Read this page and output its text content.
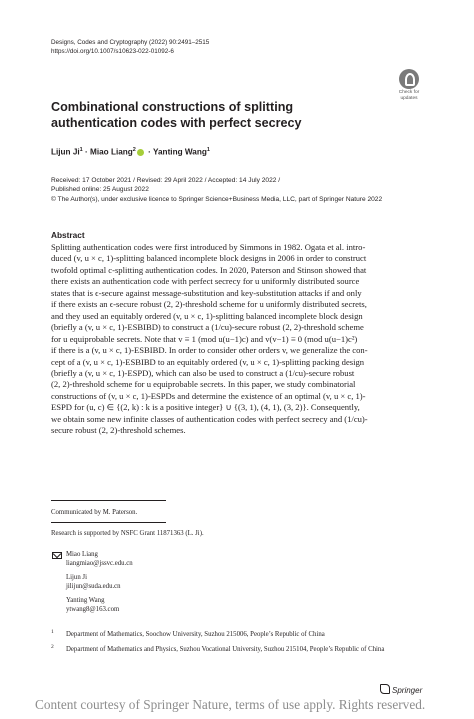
Designs, Codes and Cryptography (2022) 90:2491–2515
https://doi.org/10.1007/s10623-022-01092-6
Check for
updates
Combinational constructions of splitting authentication codes with perfect secrecy
Lijun $Ji^1$ · Miao Liang$^2$ · Yanting Wang$^1$
Received: 17 October 2021 / Revised: 29 April 2022 / Accepted: 14 July 2022 /
Published online: 25 August 2022
© The Author(s), under exclusive licence to Springer Science+Business Media, LLC, part of Springer Nature 2022
Abstract
Splitting authentication codes were first introduced by Simmons in 1982. Ogata et al. intro-
duced (v, u × c, 1)-splitting balanced incomplete block designs in 2006 in order to construct
twofold optimal c-splitting authentication codes. In 2020, Paterson and Stinson showed that
there exists an authentication code with perfect secrecy for u uniformly distributed source
states that is ϵ-secure against message-substitution and key-substitution attacks if and only
if there exists an ϵ-secure robust (2, 2)-threshold scheme for u uniformly distributed secrets,
and they used an equitably ordered (v, u × c, 1)-splitting balanced incomplete block design
(briefly a (v, u × c, 1)-ESBIBD) to construct a (1/cu)-secure robust (2, 2)-threshold scheme
for u equiprobable secrets. Note that v ≡ 1 (mod u(u−1)c) and v(v−1) ≡ 0 (mod u(u−1)c²)
if there is a (v, u × c, 1)-ESBIBD. In order to consider other orders v, we generalize the con-
cept of a (v, u × c, 1)-ESBIBD to an equitably ordered (v, u × c, 1)-splitting packing design
(briefly a (v, u × c, 1)-ESPD), which can also be used to construct a (1/cu)-secure robust
(2, 2)-threshold scheme for u equiprobable secrets. In this paper, we study combinatorial
constructions of (v, u × c, 1)-ESPDs and determine the existence of an optimal (v, u × c, 1)-
ESPD for (u, c) ∈ {(2, k) : k is a positive integer} ∪ {(3, 1), (4, 1), (3, 2)}. Consequently,
we obtain some new infinite classes of authentication codes with perfect secrecy and (1/cu)-
secure robust (2, 2)-threshold schemes.
Communicated by M. Paterson.
Research is supported by NSFC Grant 11871363 (L. Ji).
Miao Liang
liangmiao@jssvc.edu.cn
Lijun Ji
jilijun@suda.edu.cn
Yanting Wang
ytwang8@163.com
1	Department of Mathematics, Soochow University, Suzhou 215006, People’s Republic of China
2	Department of Mathematics and Physics, Suzhou Vocational University, Suzhou 215104, People’s Republic of China
Springer
Content courtesy of Springer Nature, terms of use apply. Rights reserved.
